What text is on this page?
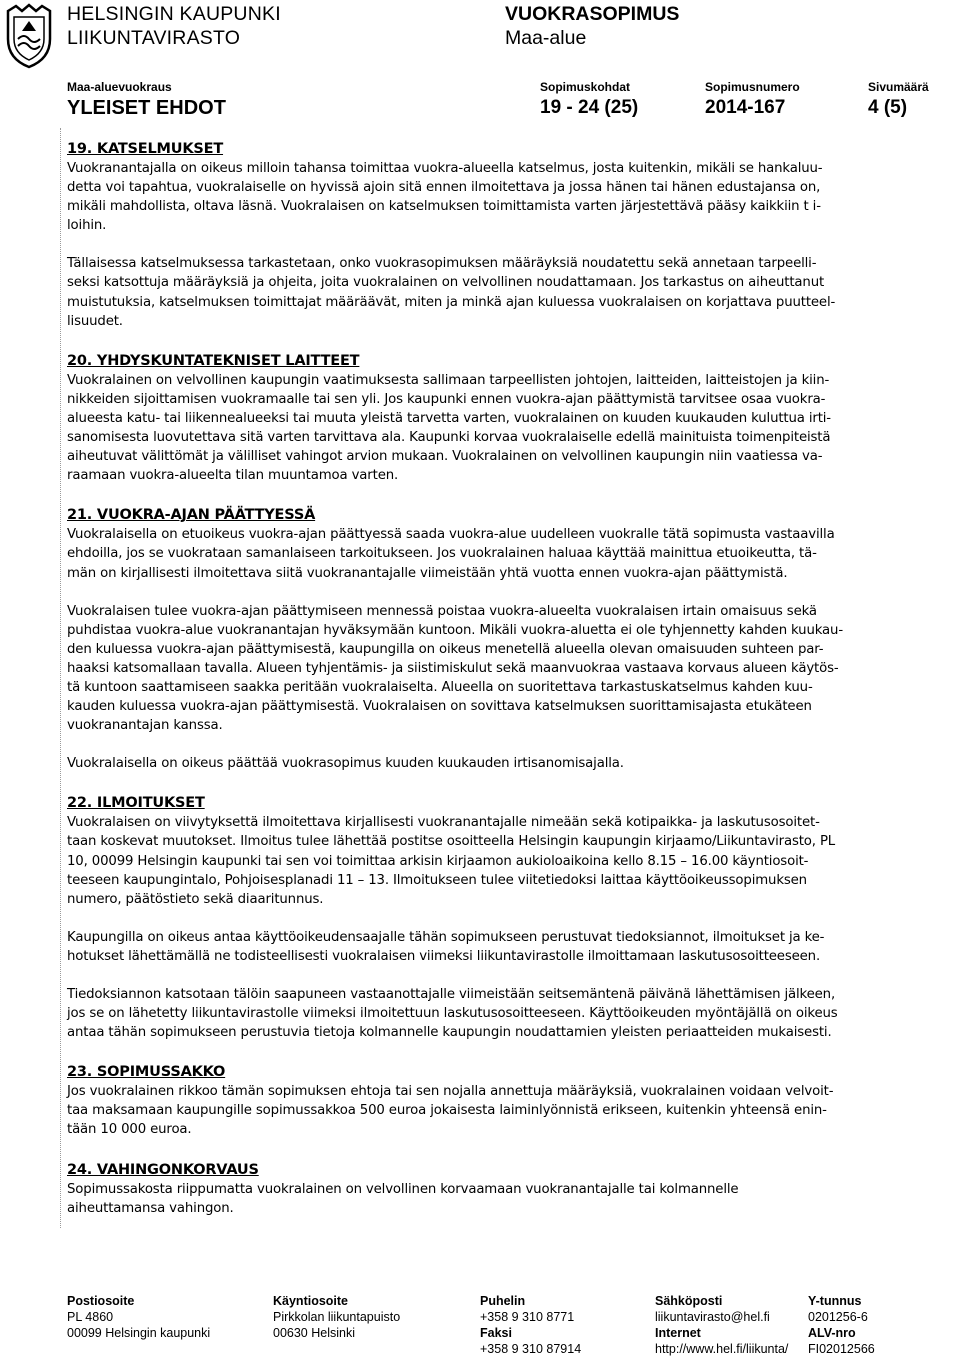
HELSINGIN KAUPUNKI
LIIKUNTAVIRASTO
VUOKRASOPIMUS
Maa-alue
Maa-aluevuokraus
YLEISET EHDOT
Sopimuskohdat
19 - 24 (25)
Sopimusnumero
2014-167
Sivumäärä
4 (5)
19. KATSELMUKSET

Vuokranantajalla on oikeus milloin tahansa toimittaa vuokra-alueella katselmus, josta kuitenkin, mikäli se hankaluu-
detta voi tapahtua, vuokralaiselle on hyvissä ajoin sitä ennen ilmoitettava ja jossa hänen tai hänen edustajansa on,
mikäli mahdollista, oltava läsnä. Vuokralaisen on katselmuksen toimittamista varten järjestettävä pääsy kaikkiin t i-
loihin.

Tällaisessa katselmuksessa tarkastetaan, onko vuokrasopimuksen määräyksiä noudatettu sekä annetaan tarpeelli-
seksi katsottuja määräyksiä ja ohjeita, joita vuokralainen on velvollinen noudattamaan. Jos tarkastus on aiheuttanut
muistutuksia, katselmuksen toimittajat määräävät, miten ja minkä ajan kuluessa vuokralaisen on korjattava puutteel-
lisuudet.

20. YHDYSKUNTATEKNISET LAITTEET

Vuokralainen on velvollinen kaupungin vaatimuksesta sallimaan tarpeellisten johtojen, laitteiden, laitteistojen ja kiin-
nikkeiden sijoittamisen vuokramaalle tai sen yli. Jos kaupunki ennen vuokra-ajan päättymistä tarvitsee osaa vuokra-
alueesta katu- tai liikennealueeksi tai muuta yleistä tarvetta varten, vuokralainen on kuuden kuukauden kuluttua irti-
sanomisesta luovutettava sitä varten tarvittava ala. Kaupunki korvaa vuokralaiselle edellä mainituista toimenpiteistä
aiheutuvat välittömät ja välilliset vahingot arvion mukaan. Vuokralainen on velvollinen kaupungin niin vaatiessa va-
raamaan vuokra-alueelta tilan muuntamoa varten.

21. VUOKRA-AJAN PÄÄTTYESSÄ

Vuokralaisella on etuoikeus vuokra-ajan päättyessä saada vuokra-alue uudelleen vuokralle tätä sopimusta vastaavilla
ehdoilla, jos se vuokrataan samanlaiseen tarkoitukseen. Jos vuokralainen haluaa käyttää mainittua etuoikeutta, tä-
män on kirjallisesti ilmoitettava siitä vuokranantajalle viimeistään yhtä vuotta ennen vuokra-ajan päättymistä.

Vuokralaisen tulee vuokra-ajan päättymiseen mennessä poistaa vuokra-alueelta vuokralaisen irtain omaisuus sekä
puhdistaa vuokra-alue vuokranantajan hyväksymään kuntoon. Mikäli vuokra-aluetta ei ole tyhjennetty kahden kuukau-
den kuluessa vuokra-ajan päättymisestä, kaupungilla on oikeus menetellä alueella olevan omaisuuden suhteen par-
haaksi katsomallaan tavalla. Alueen tyhjentämis- ja siistimiskulut sekä maanvuokraa vastaava korvaus alueen käytös-
tä kuntoon saattamiseen saakka peritään vuokralaiselta. Alueella on suoritettava tarkastuskatselmus kahden kuu-
kauden kuluessa vuokra-ajan päättymisestä. Vuokralaisen on sovittava katselmuksen suorittamisajasta etukäteen
vuokranantajan kanssa.

Vuokralaisella on oikeus päättää vuokrasopimus kuuden kuukauden irtisanomisajalla.

22. ILMOITUKSET

Vuokralaisen on viivytyksettä ilmoitettava kirjallisesti vuokranantajalle nimeään sekä kotipaikka- ja laskutusosoitet-
taan koskevat muutokset. Ilmoitus tulee lähettää postitse osoitteella Helsingin kaupungin kirjaamo/Liikuntavirasto, PL
10, 00099 Helsingin kaupunki tai sen voi toimittaa arkisin kirjaamon aukioloaikoina kello 8.15 – 16.00 käyntiosoit-
teeseen kaupungintalo, Pohjoisesplanadi 11 – 13. Ilmoitukseen tulee viitetiedoksi laittaa käyttöoikeussopimuksen
numero, päätöstieto sekä diaaritunnus.

Kaupungilla on oikeus antaa käyttöoikeudensaajalle tähän sopimukseen perustuvat tiedoksiannot, ilmoitukset ja ke-
hotukset lähettämällä ne todisteellisesti vuokralaisen viimeksi liikuntavirastolle ilmoittamaan laskutusosoitteeseen.

Tiedoksiannon katsotaan tälöin saapuneen vastaanottajalle viimeistään seitsemäntenä päivänä lähettämisen jälkeen,
jos se on lähetetty liikuntavirastolle viimeksi ilmoitettuun laskutusosoitteeseen. Käyttöoikeuden myöntäjällä on oikeus
antaa tähän sopimukseen perustuvia tietoja kolmannelle kaupungin noudattamien yleisten periaatteiden mukaisesti.

23. SOPIMUSSAKKO

Jos vuokralainen rikkoo tämän sopimuksen ehtoja tai sen nojalla annettuja määräyksiä, vuokralainen voidaan velvoit-
taa maksamaan kaupungille sopimussakkoa 500 euroa jokaisesta laiminlyönnistä erikseen, kuitenkin yhteensä enin-
tään 10 000 euroa.

24. VAHINGONKORVAUS

Sopimussakosta riippumatta vuokralainen on velvollinen korvaamaan vuokranantajalle tai kolmannelle
aiheuttamansa vahingon.

Postiosoite
PL 4860
00099 Helsingin kaupunki
Käyntiosoite
Pirkkolan liikuntapuisto
00630 Helsinki
Puhelin
+358 9 310 8771
Faksi
+358 9 310 87914
Sähköposti
liikuntavirasto@hel.fi
Internet
http://www.hel.fi/liikunta/
Y-tunnus
0201256-6
ALV-nro
FI02012566
